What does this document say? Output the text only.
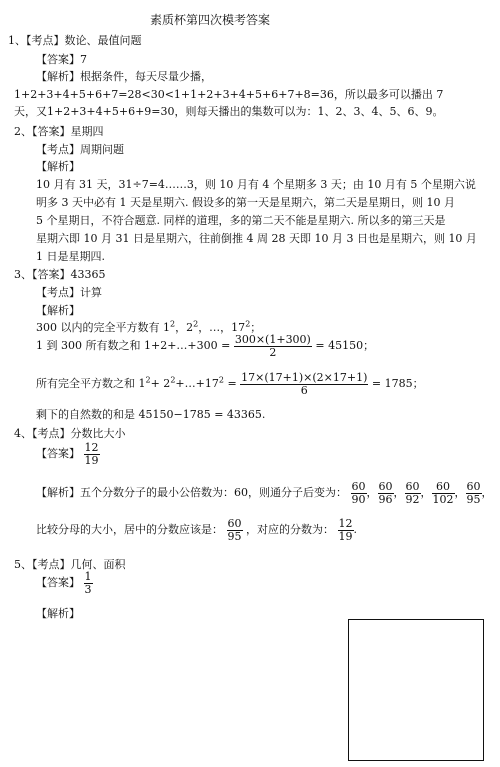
素质杯第四次模考答案
1、【考点】数论、最值问题
【答案】7
【解析】根据条件，每天尽量少播，
1+2+3+4+5+6+7=28<30<1+1+2+3+4+5+6+7+8=36，所以最多可以播出 7
天，又1+2+3+4+5+6+9=30，则每天播出的集数可以为：1、2、3、4、5、6、9。
2、【答案】星期四
【考点】周期问题
【解析】
10 月有 31 天，31÷7=4……3，则 10 月有 4 个星期多 3 天；由 10 月有 5 个星期六说
明多 3 天中必有 1 天是星期六. 假设多的第一天是星期六，第二天是星期日，则 10 月
5 个星期日，不符合题意. 同样的道理，多的第二天不能是星期六. 所以多的第三天是
星期六即 10 月 31 日是星期六，往前倒推 4 周 28 天即 10 月 3 日也是星期六，则 10 月
1 日是星期四.
3、【答案】43365
【考点】计算
【解析】
300 以内的完全平方数有 $1^2$，$2^2$，…，$17^2$；
1 到 300 所有数之和 1+2+…+300 = $\frac{300\times(1+300)}{2} = 45150$；
所有完全平方数之和 $1^2+$ $2^2+\dots+17^2 = \frac{17\times(17+1)\times(2\times 17+1)}{6} = 1785$；
剩下的自然数的和是 45150−1785 = 43365.
4、【考点】分数比大小
【答案】 $\frac{12}{19}$
【解析】五个分数分子的最小公倍数为：60，则通分子后变为： $\frac{60}{90}$ ， $\frac{60}{96}$ ， $\frac{60}{92}$ ， $\frac{60}{102}$ ， $\frac{60}{95}$ ，
比较分母的大小，居中的分数应该是： $\frac{60}{95}$ ，对应的分数为： $\frac{12}{19}$ .
5、【考点】几何、面积
【答案】 $\frac{1}{3}$
【解析】
